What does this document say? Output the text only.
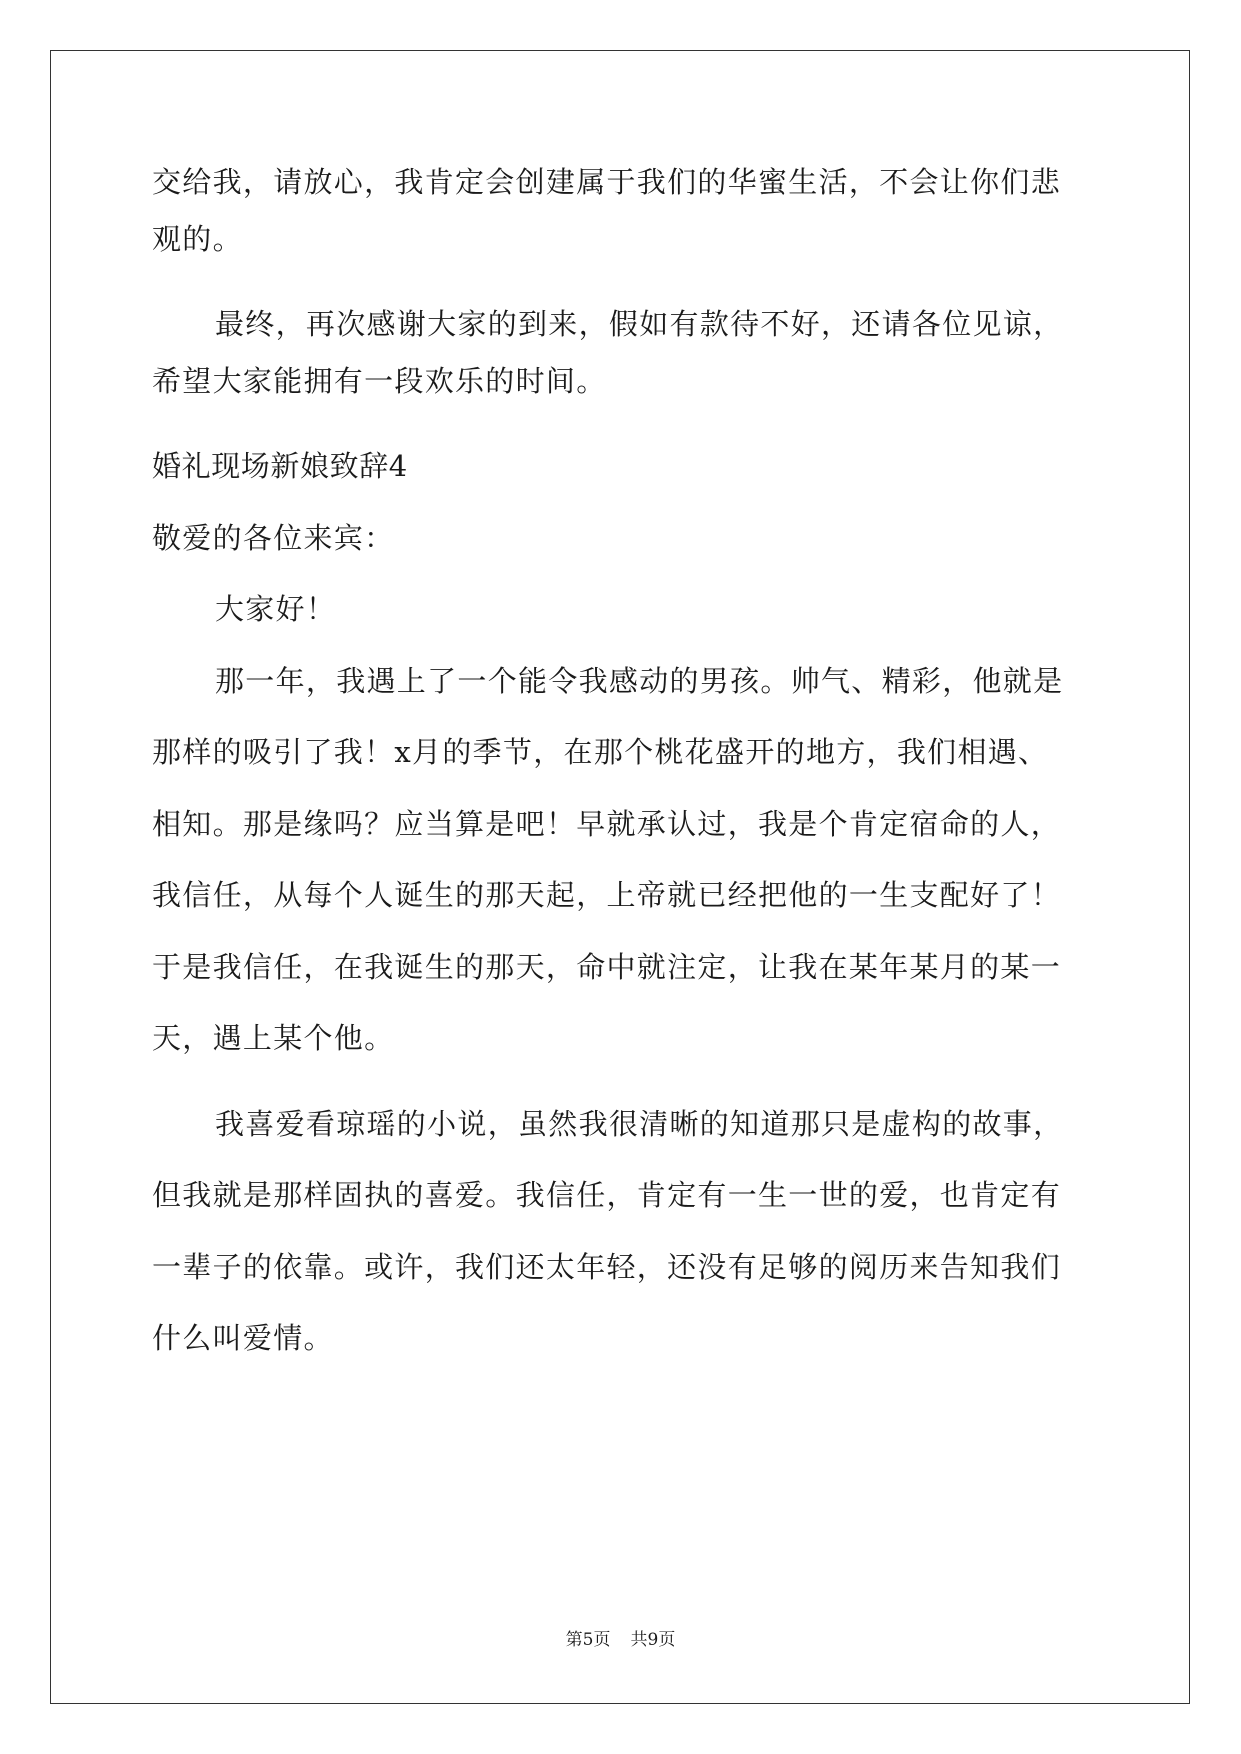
交给我，请放心，我肯定会创建属于我们的华蜜生活，不会让你们悲
观的。
最终，再次感谢大家的到来，假如有款待不好，还请各位见谅，
希望大家能拥有一段欢乐的时间。
婚礼现场新娘致辞4
敬爱的各位来宾：
大家好！
那一年，我遇上了一个能令我感动的男孩。帅气、精彩，他就是
那样的吸引了我！x月的季节，在那个桃花盛开的地方，我们相遇、
相知。那是缘吗？应当算是吧！早就承认过，我是个肯定宿命的人，
我信任，从每个人诞生的那天起，上帝就已经把他的一生支配好了！
于是我信任，在我诞生的那天，命中就注定，让我在某年某月的某一
天，遇上某个他。
我喜爱看琼瑶的小说，虽然我很清晰的知道那只是虚构的故事，
但我就是那样固执的喜爱。我信任，肯定有一生一世的爱，也肯定有
一辈子的依靠。或许，我们还太年轻，还没有足够的阅历来告知我们
什么叫爱情。
第5页 共9页
